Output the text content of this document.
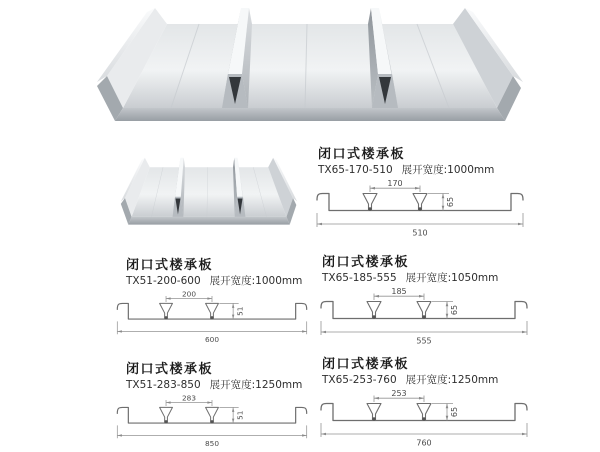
闭口式楼承板
TX65-170-510 展开宽度:1000mm
170
65
510
闭口式楼承板
TX51-200-600 展开宽度:1000mm
200
51
600
闭口式楼承板
TX65-185-555 展开宽度:1050mm
185
65
555
闭口式楼承板
TX51-283-850 展开宽度:1250mm
283
51
850
闭口式楼承板
TX65-253-760 展开宽度:1250mm
253
65
760
